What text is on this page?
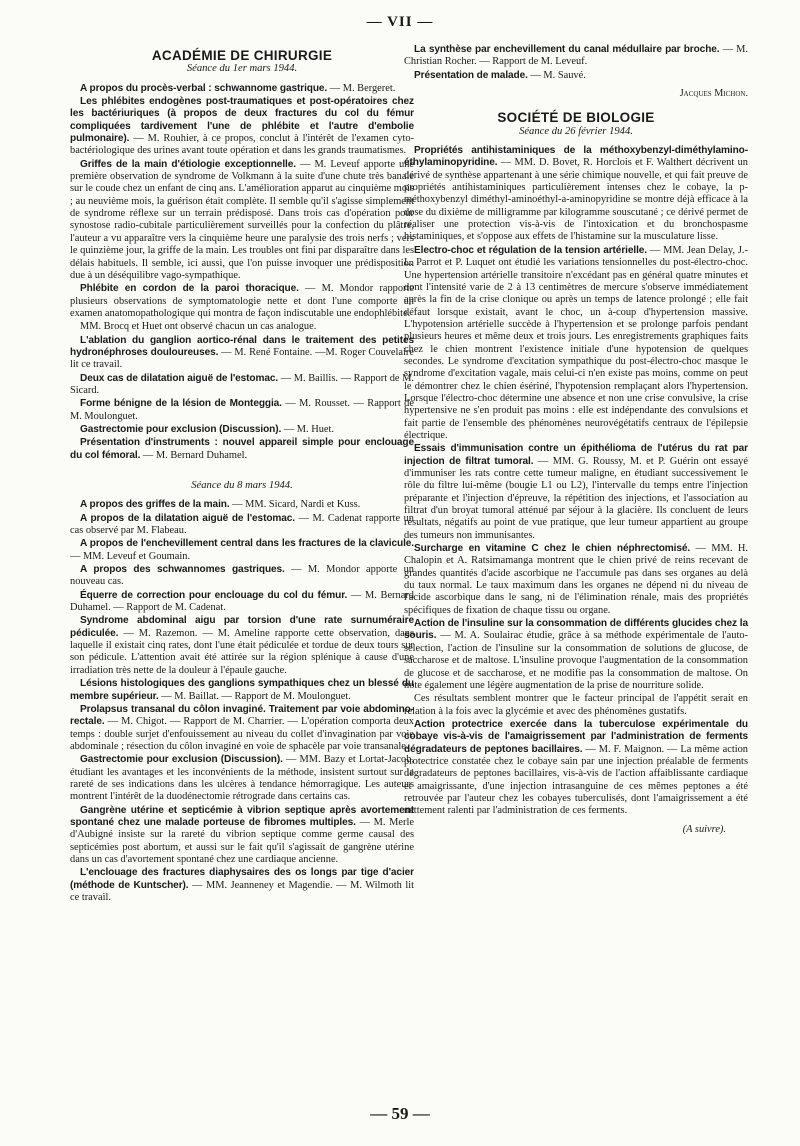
— VII —
ACADÉMIE DE CHIRURGIE
Séance du 1er mars 1944.

A propos du procès-verbal : schwannome gastrique. — M. Bergeret.

Les phlébites endogènes post-traumatiques et post-opératoires chez les bactériuriques (à propos de deux fractures du col du fémur compliquées tardivement l'une de phlébite et l'autre d'embolie pulmonaire). — M. Rouhier, à ce propos, conclut à l'intérêt de l'examen cyto-bactériologique des urines avant toute opération et dans les grands traumatismes.

Griffes de la main d'étiologie exceptionnelle. — M. Leveuf apporte une première observation de syndrome de Volkmann à la suite d'une chute très banale sur le coude chez un enfant de cinq ans. L'amélioration apparut au cinquième mois ; au neuvième mois, la guérison était complète. Il semble qu'il s'agisse simplement de syndrome réflexe sur un terrain prédisposé. Dans trois cas d'opération pour synostose radio-cubitale particulièrement surveillés pour la confection du plâtre, l'auteur a vu apparaître vers la cinquième heure une paralysie des trois nerfs ; vers le quinzième jour, la griffe de la main. Les troubles ont fini par disparaître dans les délais habituels. Il semble, ici aussi, que l'on puisse invoquer une prédisposition due à un déséquilibre vago-sympathique.

Phlébite en cordon de la paroi thoracique. — M. Mondor rapporte plusieurs observations de symptomatologie nette et dont l'une comporte un examen anatomopathologique qui montra de façon indiscutable une endophlébite.

MM. Brocq et Huet ont observé chacun un cas analogue.

L'ablation du ganglion aortico-rénal dans le traitement des petites hydronéphroses douloureuses. — M. René Fontaine. —M. Roger Couvelaire lit ce travail.

Deux cas de dilatation aiguë de l'estomac. — M. Baillis. — Rapport de M. Sicard.

Forme bénigne de la lésion de Monteggia. — M. Rousset. — Rapport de M. Moulonguet.

Gastrectomie pour exclusion (Discussion). — M. Huet.

Présentation d'instruments : nouvel appareil simple pour enclouage du col fémoral. — M. Bernard Duhamel.

Séance du 8 mars 1944.

A propos des griffes de la main. — MM. Sicard, Nardi et Kuss.

A propos de la dilatation aiguë de l'estomac. — M. Cadenat rapporte un cas observé par M. Flabeau.

A propos de l'enchevillement central dans les fractures de la clavicule. — MM. Leveuf et Goumain.

A propos des schwannomes gastriques. — M. Mondor apporte un nouveau cas.

Équerre de correction pour enclouage du col du fémur. — M. Bernard Duhamel. — Rapport de M. Cadenat.

Syndrome abdominal aigu par torsion d'une rate surnuméraire pédiculée. — M. Razemon. — M. Ameline rapporte cette observation, dans laquelle il existait cinq rates, dont l'une était pédiculée et tordue de deux tours sur son pédicule. L'attention avait été attirée sur la région splénique à cause d'une irradiation très nette de la douleur à l'épaule gauche.

Lésions histologiques des ganglions sympathiques chez un blessé du membre supérieur. — M. Baillat. — Rapport de M. Moulonguet.

Prolapsus transanal du côlon invaginé. Traitement par voie abdomino-rectale. — M. Chigot. — Rapport de M. Charrier. — L'opération comporta deux temps : double surjet d'enfouissement au niveau du collet d'invagination par voie abdominale ; résection du côlon invaginé en voie de sphacèle par voie transanale.

Gastrectomie pour exclusion (Discussion). — MM. Bazy et Lortat-Jacob, étudiant les avantages et les inconvénients de la méthode, insistent surtout sur la rareté de ses indications dans les ulcères à tendance hémorragique. Les auteurs montrent l'intérêt de la duodénectomie rétrograde dans certains cas.

Gangrène utérine et septicémie à vibrion septique après avortement spontané chez une malade porteuse de fibromes multiples. — M. Merle d'Aubigné insiste sur la rareté du vibrion septique comme germe causal des septicémies post abortum, et aussi sur le fait qu'il s'agissait de gangrène utérine dans un cas d'avortement spontané chez une cardiaque ancienne.

L'enclouage des fractures diaphysaires des os longs par tige d'acier (méthode de Kuntscher). — MM. Jeanneney et Magendie. — M. Wilmoth lit ce travail.

La synthèse par enchevillement du canal médullaire par broche. — M. Christian Rocher. — Rapport de M. Leveuf.

Présentation de malade. — M. Sauvé.

Jacques Michon.
SOCIÉTÉ DE BIOLOGIE
Séance du 26 février 1944.

Propriétés antihistaminiques de la méthoxybenzyl-diméthylamino-éthylaminopyridine. — MM. D. Bovet, R. Horclois et F. Walthert décrivent un dérivé de synthèse appartenant à une série chimique nouvelle, et qui fait preuve de propriétés antihistaminiques particulièrement intenses chez le cobaye, la p-méthoxybenzyl diméthyl-aminoéthyl-a-aminopyridine se montre déjà efficace à la dose du dixième de milligramme par kilogramme souscutané ; ce dérivé permet de réaliser une protection vis-à-vis de l'intoxication et du bronchospasme histaminiques, et s'oppose aux effets de l'histamine sur la musculature lisse.

Electro-choc et régulation de la tension artérielle. — MM. Jean Delay, J.-L. Parrot et P. Luquet ont étudié les variations tensionnelles du post-électro-choc. Une hypertension artérielle transitoire n'excédant pas en général quatre minutes et dont l'intensité varie de 2 à 13 centimètres de mercure s'observe immédiatement après la fin de la crise clonique ou après un temps de latence prolongé ; elle fait défaut lorsque existait, avant le choc, un à-coup d'hypertension massive. L'hypotension artérielle succède à l'hypertension et se prolonge parfois pendant plusieurs heures et même deux et trois jours. Les enregistrements graphiques faits chez le chien montrent l'existence initiale d'une hypotension de quelques secondes. Le syndrome d'excitation sympathique du post-électro-choc masque le syndrome d'excitation vagale, mais celui-ci n'en existe pas moins, comme on peut le démontrer chez le chien ésériné, l'hypotension remplaçant alors l'hypertension. Lorsque l'électro-choc détermine une absence et non une crise convulsive, la crise hypertensive ne s'en produit pas moins : elle est indépendante des convulsions et fait partie de l'ensemble des phénomènes neurovégétatifs centraux de l'épilepsie électrique.

Essais d'immunisation contre un épithélioma de l'utérus du rat par injection de filtrat tumoral. — MM. G. Roussy, M. et P. Guérin ont essayé d'immuniser les rats contre cette tumeur maligne, en étudiant successivement le rôle du filtre lui-même (bougie L1 ou L2), l'intervalle du temps entre l'injection préparante et l'injection d'épreuve, la répétition des injections, et l'association au filtrat d'un broyat tumoral atténué par séjour à la glacière. Ils concluent de leurs résultats, négatifs au point de vue pratique, que leur tumeur appartient au groupe des tumeurs non immunisantes.

Surcharge en vitamine C chez le chien néphrectomisé. — MM. H. Chalopin et A. Ratsimamanga montrent que le chien privé de reins recevant de grandes quantités d'acide ascorbique ne l'accumule pas dans ses organes au delà du taux normal. Le taux maximum dans les organes ne dépend ni du niveau de l'acide ascorbique dans le sang, ni de l'élimination rénale, mais des propriétés spécifiques de fixation de chaque tissu ou organe.

Action de l'insuline sur la consommation de différents glucides chez la souris. — M. A. Soulairac étudie, grâce à sa méthode expérimentale de l'auto-sélection, l'action de l'insuline sur la consommation de solutions de glucose, de saccharose et de maltose. L'insuline provoque l'augmentation de la consommation de glucose et de saccharose, et ne modifie pas la consommation de maltose. On note également une légère augmentation de la prise de nourriture solide.

Ces résultats semblent montrer que le facteur principal de l'appétit serait en relation à la fois avec la glycémie et avec des phénomènes gustatifs.

Action protectrice exercée dans la tuberculose expérimentale du cobaye vis-à-vis de l'amaigrissement par l'administration de ferments dégradateurs de peptones bacillaires. — M. F. Maignon. — La même action protectrice constatée chez le cobaye sain par une injection préalable de ferments dégradateurs de peptones bacillaires, vis-à-vis de l'action affaiblissante cardiaque et amaigrissante, d'une injection intrasanguine de ces mêmes peptones a été retrouvée par l'auteur chez les cobayes tuberculisés, dont l'amaigrissement a été nettement ralenti par l'administration de ces ferments.

(A suivre).
— 59 —
